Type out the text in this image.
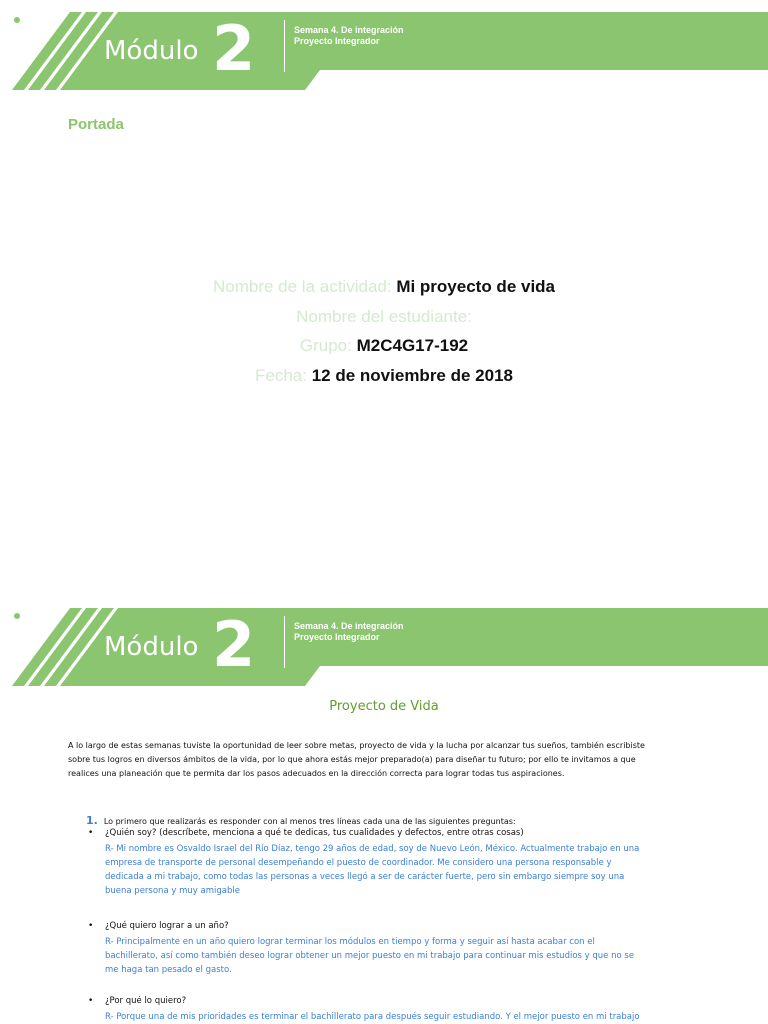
Módulo 2	Semana 4. De integración
Proyecto Integrador
en
línea
SEP
Portada
Nombre de la actividad: Mi proyecto de vida
Nombre del estudiante:
Grupo: M2C4G17-192
Fecha: 12 de noviembre de 2018
Módulo 2	Semana 4. De integración
Proyecto Integrador
en
línea
SEP
Proyecto de Vida
A lo largo de estas semanas tuviste la oportunidad de leer sobre metas, proyecto de vida y la lucha por alcanzar tus sueños, también escribiste
sobre tus logros en diversos ámbitos de la vida, por lo que ahora estás mejor preparado(a) para diseñar tu futuro; por ello te invitamos a que
realices una planeación que te permita dar los pasos adecuados en la dirección correcta para lograr todas tus aspiraciones.
1. Lo primero que realizarás es responder con al menos tres líneas cada una de las siguientes preguntas:
• ¿Quién soy? (descríbete, menciona a qué te dedicas, tus cualidades y defectos, entre otras cosas)
R- Mi nombre es Osvaldo Israel del Río Díaz, tengo 29 años de edad, soy de Nuevo León, México. Actualmente trabajo en una
empresa de transporte de personal desempeñando el puesto de coordinador. Me considero una persona responsable y
dedicada a mi trabajo, como todas las personas a veces llegó a ser de carácter fuerte, pero sin embargo siempre soy una
buena persona y muy amigable
• ¿Qué quiero lograr a un año?
R- Principalmente en un año quiero lograr terminar los módulos en tiempo y forma y seguir así hasta acabar con el
bachillerato, así como también deseo lograr obtener un mejor puesto en mi trabajo para continuar mis estudios y que no se
me haga tan pesado el gasto.
• ¿Por qué lo quiero?
R- Porque una de mis prioridades es terminar el bachillerato para después seguir estudiando. Y el mejor puesto en mi trabajo
